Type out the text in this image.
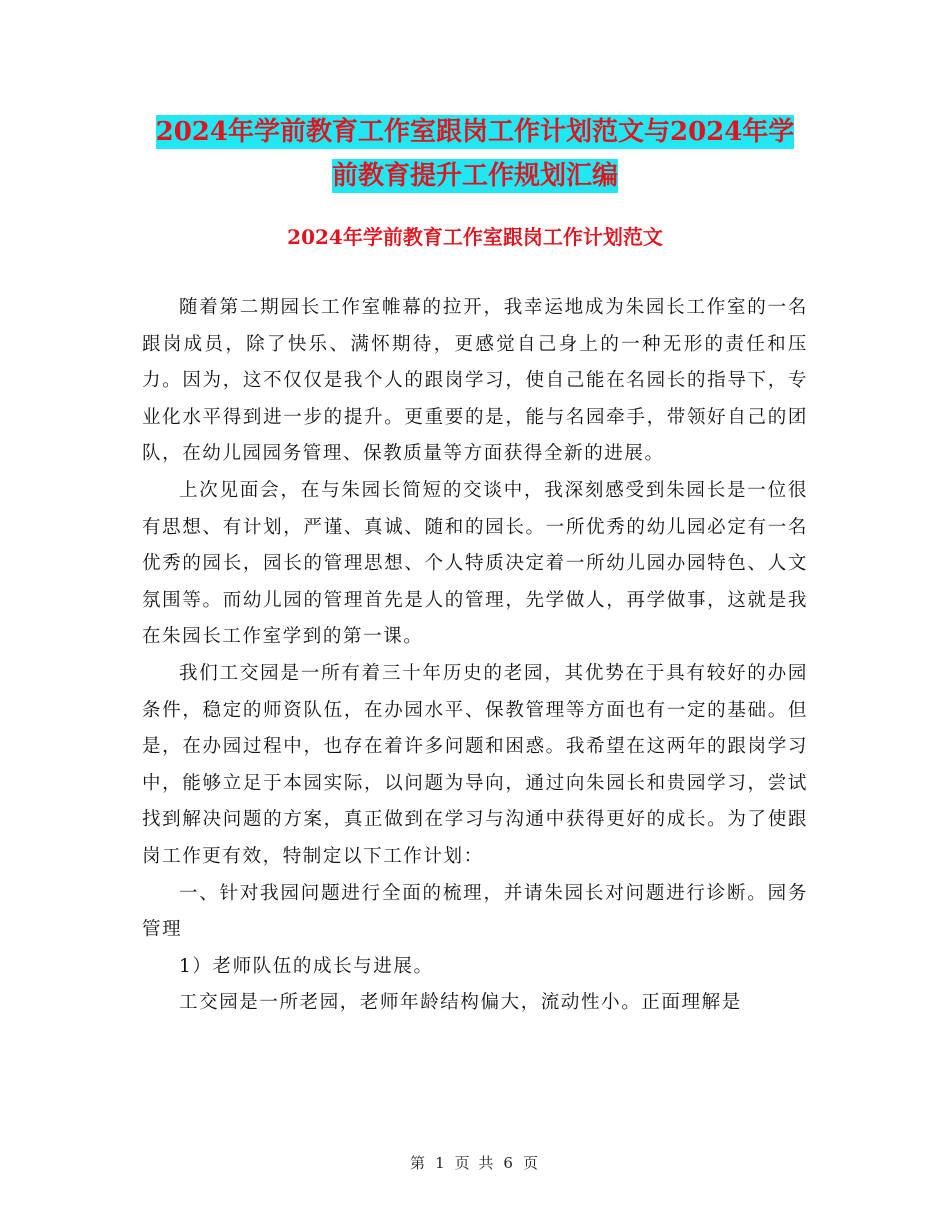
2024年学前教育工作室跟岗工作计划范文与2024年学
前教育提升工作规划汇编
2024年学前教育工作室跟岗工作计划范文

随着第二期园长工作室帷幕的拉开，我幸运地成为朱园长工作室的一名跟岗成员，除了快乐、满怀期待，更感觉自己身上的一种无形的责任和压力。因为，这不仅仅是我个人的跟岗学习，使自己能在名园长的指导下，专业化水平得到进一步的提升。更重要的是，能与名园牵手，带领好自己的团队，在幼儿园园务管理、保教质量等方面获得全新的进展。

上次见面会，在与朱园长简短的交谈中，我深刻感受到朱园长是一位很有思想、有计划，严谨、真诚、随和的园长。一所优秀的幼儿园必定有一名优秀的园长，园长的管理思想、个人特质决定着一所幼儿园办园特色、人文氛围等。而幼儿园的管理首先是人的管理，先学做人，再学做事，这就是我在朱园长工作室学到的第一课。

我们工交园是一所有着三十年历史的老园，其优势在于具有较好的办园条件，稳定的师资队伍，在办园水平、保教管理等方面也有一定的基础。但是，在办园过程中，也存在着许多问题和困惑。我希望在这两年的跟岗学习中，能够立足于本园实际，以问题为导向，通过向朱园长和贵园学习，尝试找到解决问题的方案，真正做到在学习与沟通中获得更好的成长。为了使跟岗工作更有效，特制定以下工作计划：

一、针对我园问题进行全面的梳理，并请朱园长对问题进行诊断。园务管理

1）老师队伍的成长与进展。

工交园是一所老园，老师年龄结构偏大，流动性小。正面理解是

第 1 页 共 6 页
